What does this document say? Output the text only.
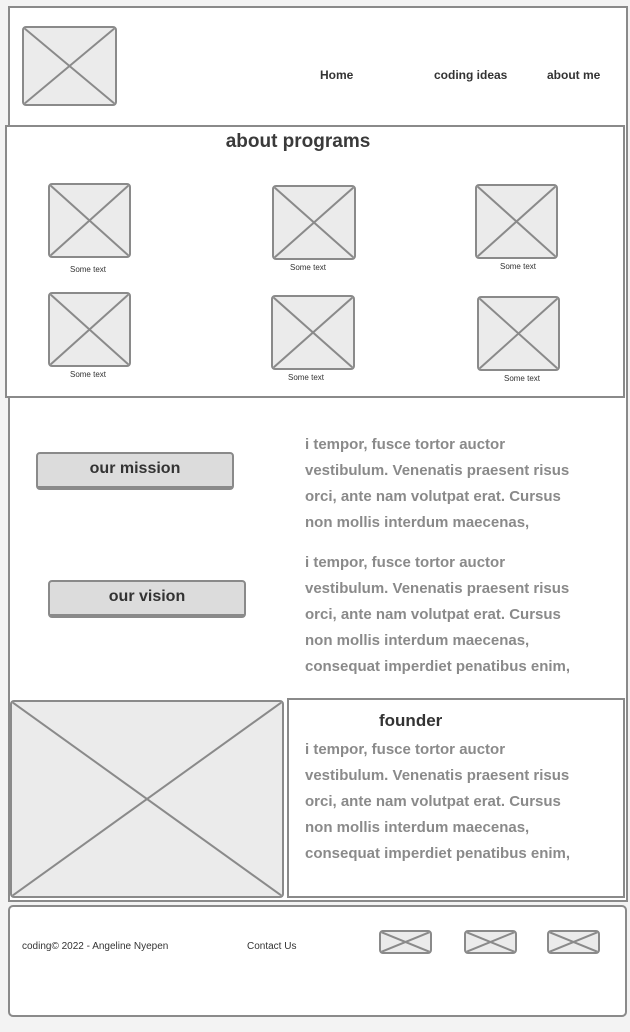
Home	coding ideas	about me
about programs
Some text	Some text	Some text
Some text	Some text	Some text
our mission
i tempor, fusce tortor auctor
vestibulum. Venenatis praesent risus
orci, ante nam volutpat erat. Cursus
non mollis interdum maecenas,
our vision
i tempor, fusce tortor auctor
vestibulum. Venenatis praesent risus
orci, ante nam volutpat erat. Cursus
non mollis interdum maecenas,
consequat imperdiet penatibus enim,
founder
i tempor, fusce tortor auctor
vestibulum. Venenatis praesent risus
orci, ante nam volutpat erat. Cursus
non mollis interdum maecenas,
consequat imperdiet penatibus enim,
coding© 2022 - Angeline Nyepen	Contact Us
